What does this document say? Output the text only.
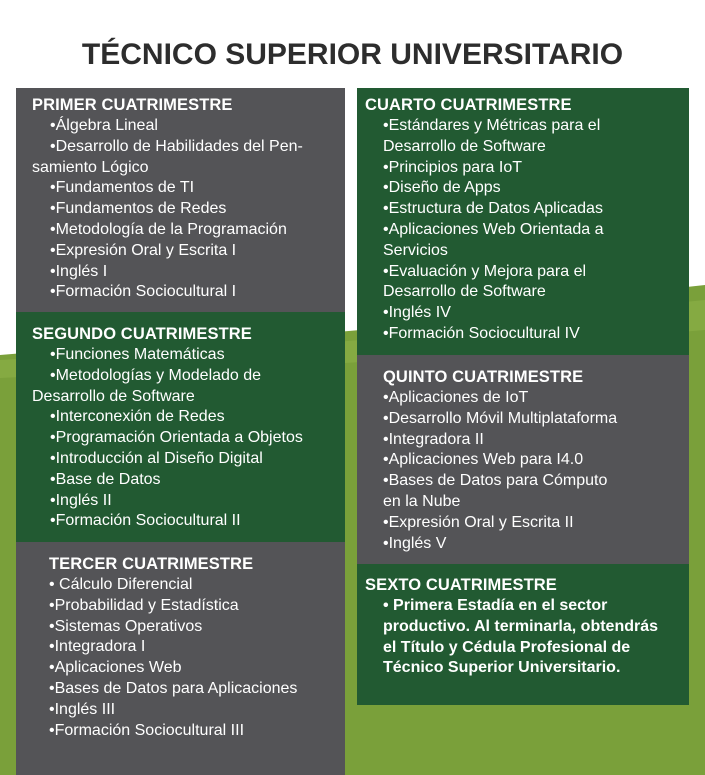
TÉCNICO SUPERIOR UNIVERSITARIO
PRIMER CUATRIMESTRE
•Álgebra Lineal
•Desarrollo de Habilidades del Pen-
samiento Lógico
•Fundamentos de TI
•Fundamentos de Redes
•Metodología de la Programación
•Expresión Oral y Escrita I
•Inglés I
•Formación Sociocultural I
SEGUNDO CUATRIMESTRE
•Funciones Matemáticas
•Metodologías y Modelado de
Desarrollo de Software
•Interconexión de Redes
•Programación Orientada a Objetos
•Introducción al Diseño Digital
•Base de Datos
•Inglés II
•Formación Sociocultural II
TERCER CUATRIMESTRE
• Cálculo Diferencial
•Probabilidad y Estadística
•Sistemas Operativos
•Integradora I
•Aplicaciones Web
•Bases de Datos para Aplicaciones
•Inglés III
•Formación Sociocultural III
CUARTO CUATRIMESTRE
•Estándares y Métricas para el
Desarrollo de Software
•Principios para IoT
•Diseño de Apps
•Estructura de Datos Aplicadas
•Aplicaciones Web Orientada a
Servicios
•Evaluación y Mejora para el
Desarrollo de Software
•Inglés IV
•Formación Sociocultural IV
QUINTO CUATRIMESTRE
•Aplicaciones de IoT
•Desarrollo Móvil Multiplataforma
•Integradora II
•Aplicaciones Web para I4.0
•Bases de Datos para Cómputo
en la Nube
•Expresión Oral y Escrita II
•Inglés V
SEXTO CUATRIMESTRE
• Primera Estadía en el sector
productivo. Al terminarla, obtendrás
el Título y Cédula Profesional de
Técnico Superior Universitario.
